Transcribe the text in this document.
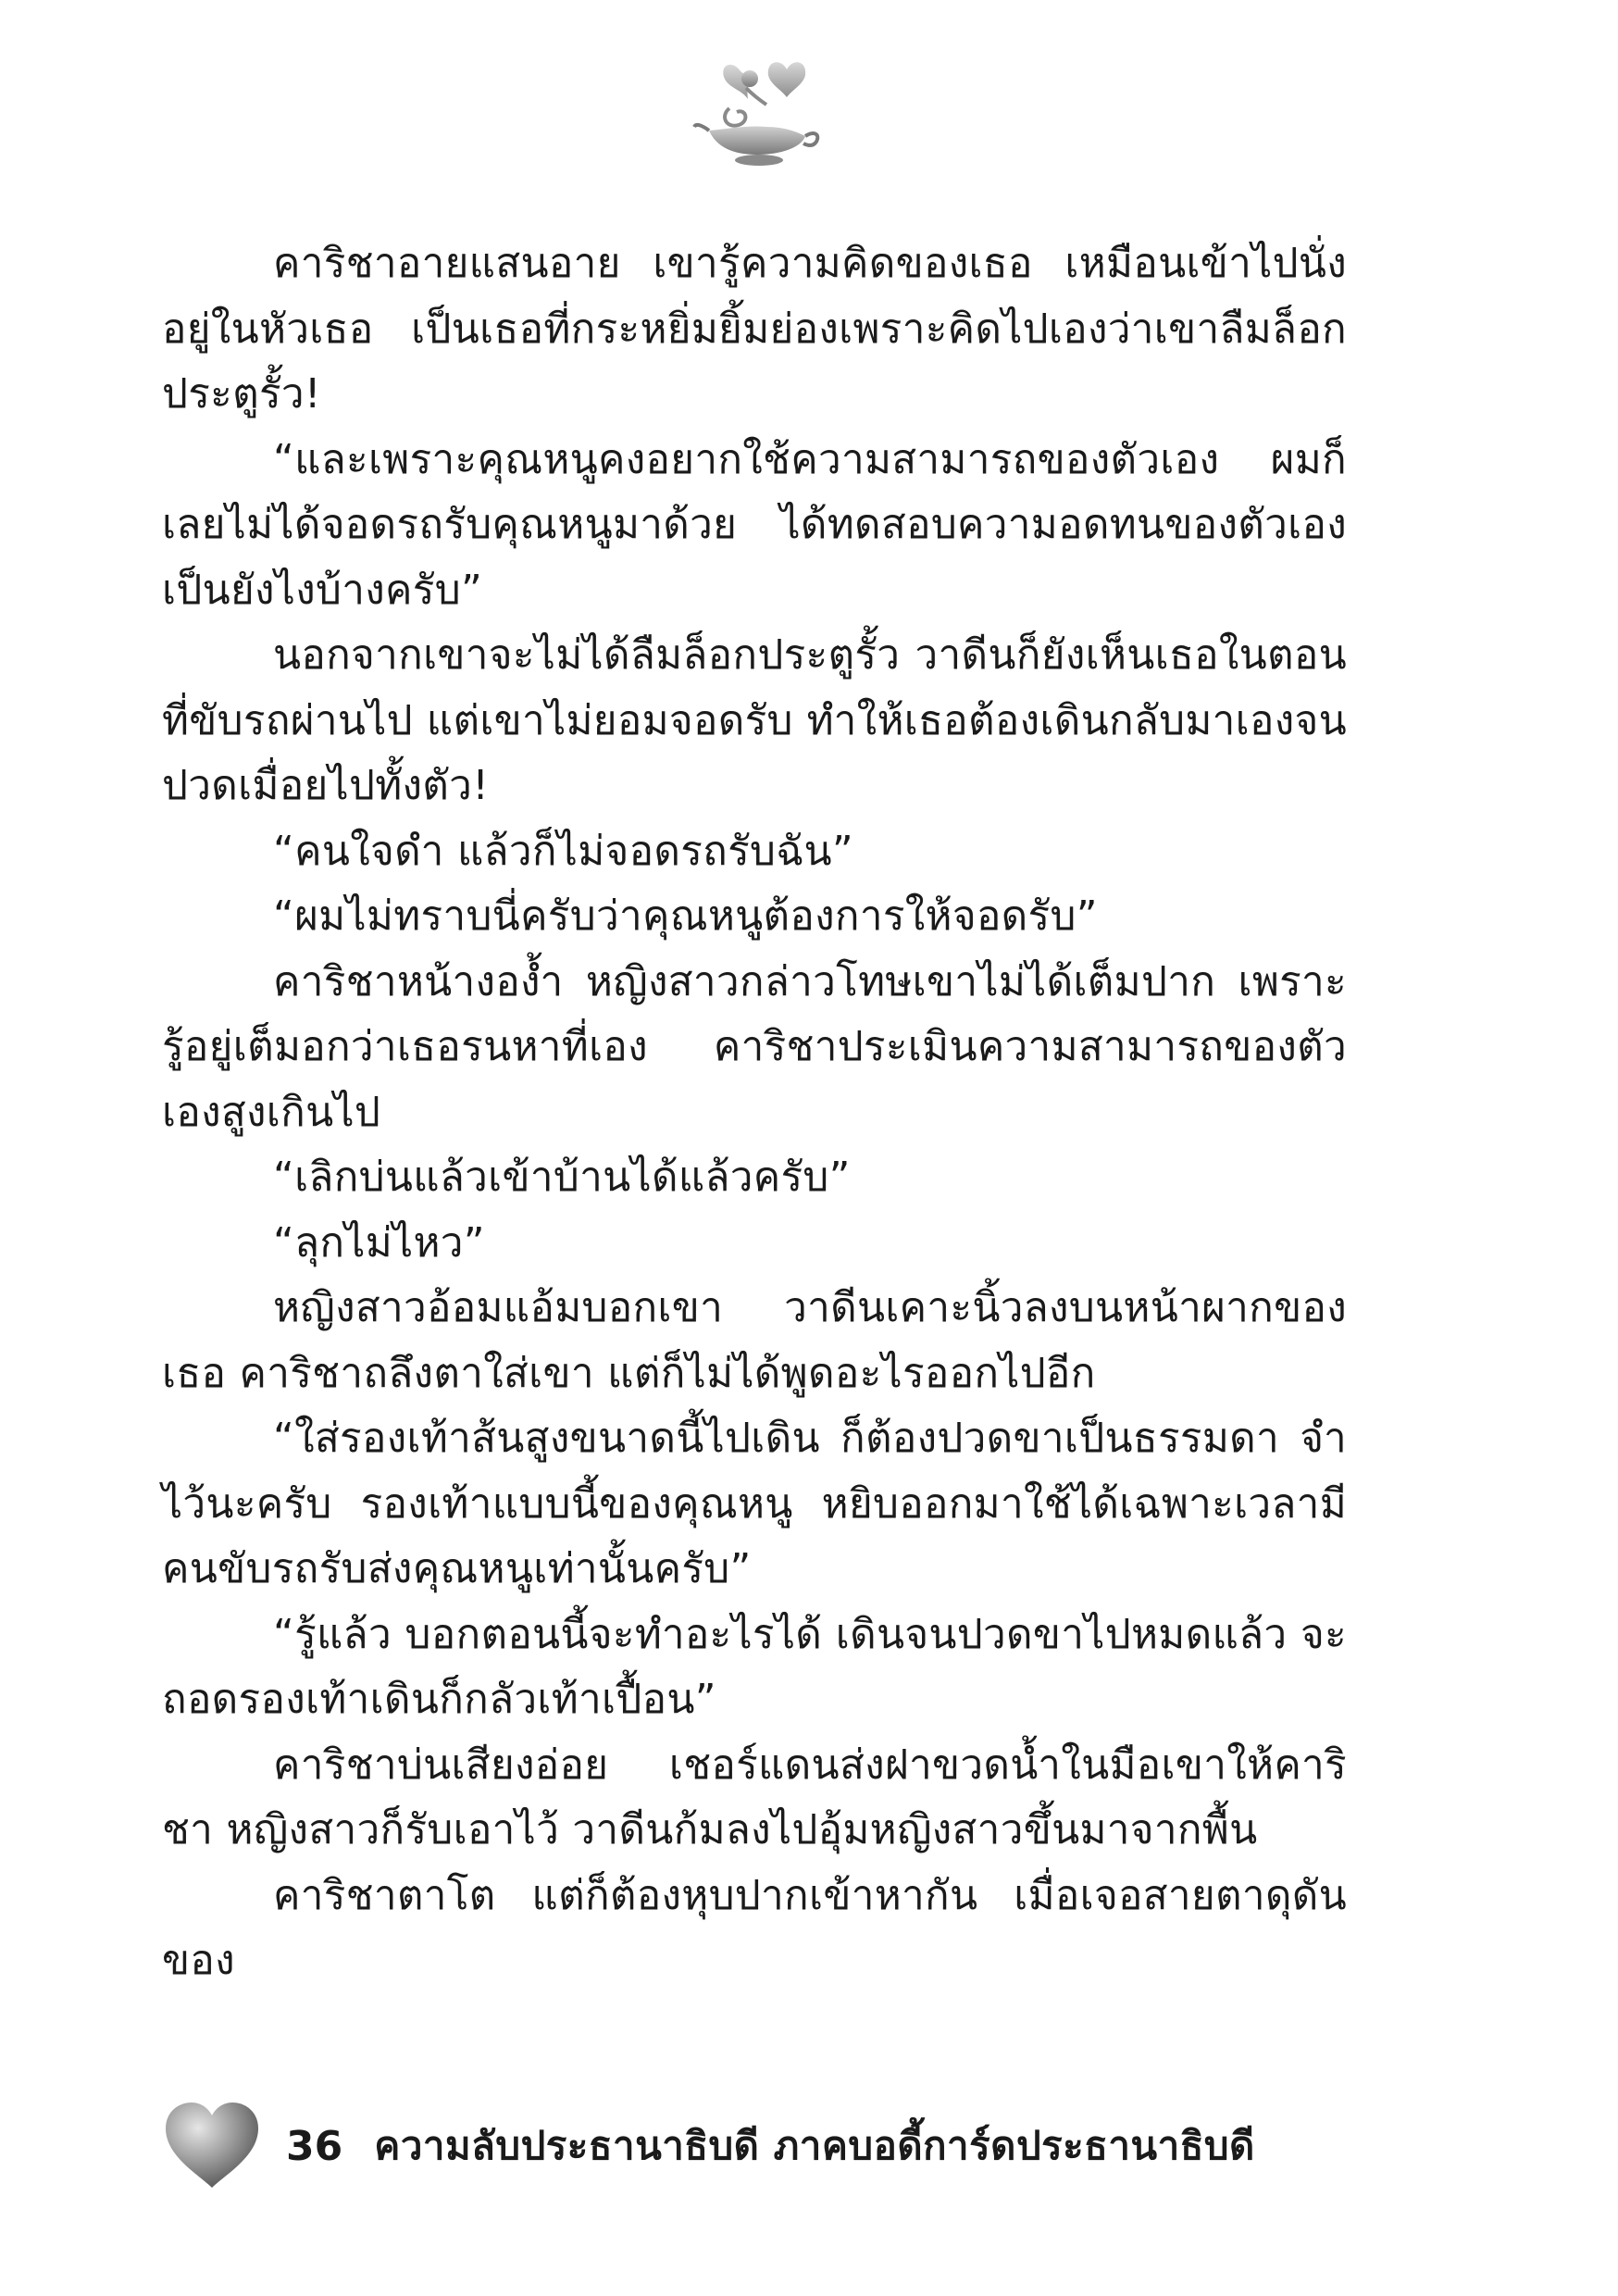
คาริชาอายแสนอาย เขารู้ความคิดของเธอ เหมือนเข้าไปนั่งอยู่ในหัวเธอ เป็นเธอที่กระหยิ่มยิ้มย่องเพราะคิดไปเองว่าเขาลืมล็อกประตูรั้ว!

“และเพราะคุณหนูคงอยากใช้ความสามารถของตัวเอง ผมก็เลยไม่ได้จอดรถรับคุณหนูมาด้วย ได้ทดสอบความอดทนของตัวเอง เป็นยังไงบ้างครับ”

นอกจากเขาจะไม่ได้ลืมล็อกประตูรั้ว วาดีนก็ยังเห็นเธอในตอนที่ขับรถผ่านไป แต่เขาไม่ยอมจอดรับ ทำให้เธอต้องเดินกลับมาเองจนปวดเมื่อยไปทั้งตัว!

“คนใจดำ แล้วก็ไม่จอดรถรับฉัน”

“ผมไม่ทราบนี่ครับว่าคุณหนูต้องการให้จอดรับ”

คาริชาหน้างอง้ำ หญิงสาวกล่าวโทษเขาไม่ได้เต็มปาก เพราะรู้อยู่เต็มอกว่าเธอรนหาที่เอง คาริชาประเมินความสามารถของตัวเองสูงเกินไป

“เลิกบ่นแล้วเข้าบ้านได้แล้วครับ”

“ลุกไม่ไหว”

หญิงสาวอ้อมแอ้มบอกเขา วาดีนเคาะนิ้วลงบนหน้าผากของเธอ คาริชาถลึงตาใส่เขา แต่ก็ไม่ได้พูดอะไรออกไปอีก

“ใส่รองเท้าส้นสูงขนาดนี้ไปเดิน ก็ต้องปวดขาเป็นธรรมดา จำไว้นะครับ รองเท้าแบบนี้ของคุณหนู หยิบออกมาใช้ได้เฉพาะเวลามีคนขับรถรับส่งคุณหนูเท่านั้นครับ”

“รู้แล้ว บอกตอนนี้จะทำอะไรได้ เดินจนปวดขาไปหมดแล้ว จะถอดรองเท้าเดินก็กลัวเท้าเปื้อน”

คาริชาบ่นเสียงอ่อย เชอร์แดนส่งฝาขวดน้ำในมือเขาให้คาริชา หญิงสาวก็รับเอาไว้ วาดีนก้มลงไปอุ้มหญิงสาวขึ้นมาจากพื้น

คาริชาตาโต แต่ก็ต้องหุบปากเข้าหากัน เมื่อเจอสายตาดุดันของ

36 ความลับประธานาธิบดี ภาคบอดี้การ์ดประธานาธิบดี
